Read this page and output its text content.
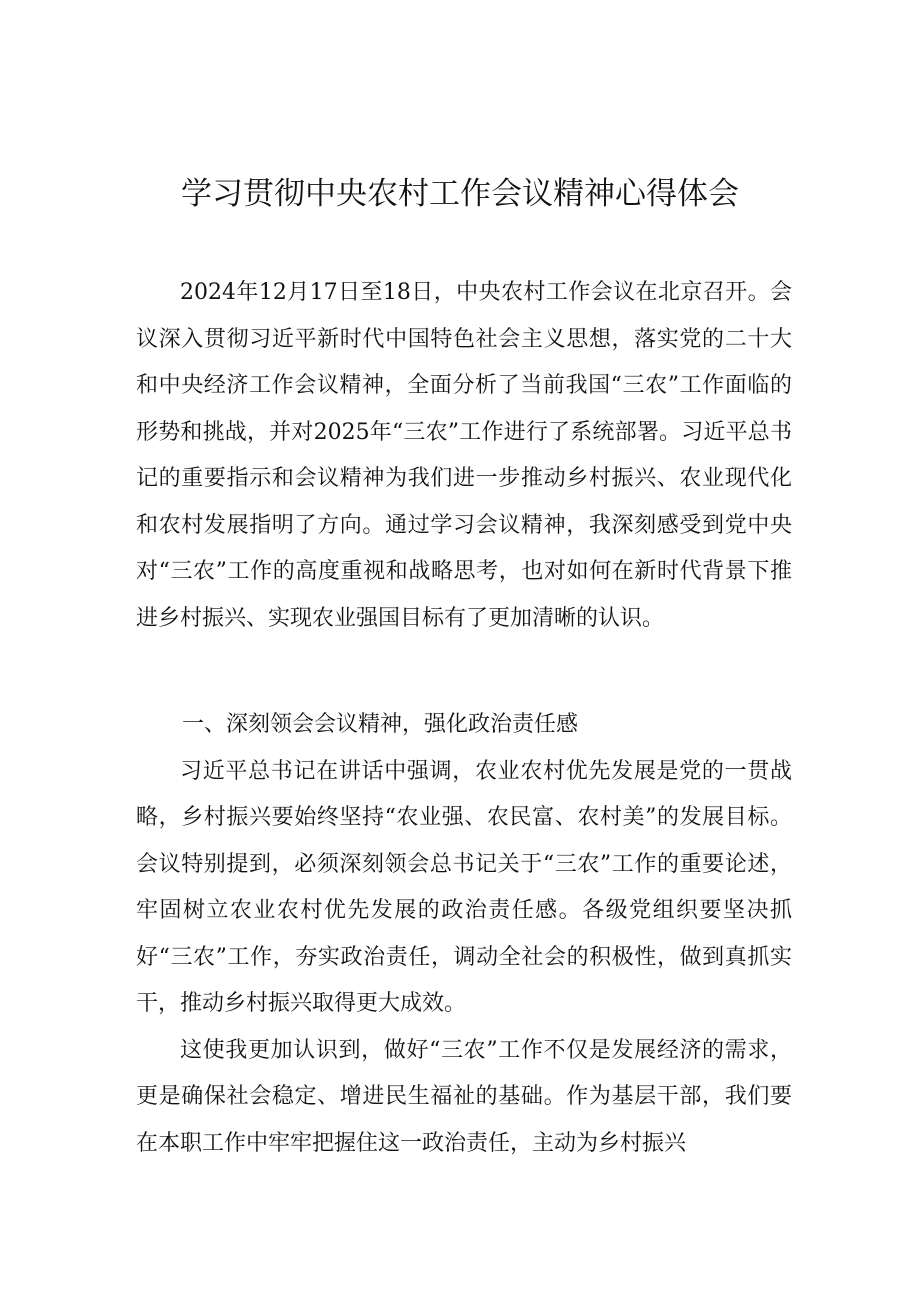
学习贯彻中央农村工作会议精神心得体会

2024年12月17日至18日，中央农村工作会议在北京召开。会议深入贯彻习近平新时代中国特色社会主义思想，落实党的二十大和中央经济工作会议精神，全面分析了当前我国“三农”工作面临的形势和挑战，并对2025年“三农”工作进行了系统部署。习近平总书记的重要指示和会议精神为我们进一步推动乡村振兴、农业现代化和农村发展指明了方向。通过学习会议精神，我深刻感受到党中央对“三农”工作的高度重视和战略思考，也对如何在新时代背景下推进乡村振兴、实现农业强国目标有了更加清晰的认识。

一、深刻领会会议精神，强化政治责任感

习近平总书记在讲话中强调，农业农村优先发展是党的一贯战略，乡村振兴要始终坚持“农业强、农民富、农村美”的发展目标。会议特别提到，必须深刻领会总书记关于“三农”工作的重要论述，牢固树立农业农村优先发展的政治责任感。各级党组织要坚决抓好“三农”工作，夯实政治责任，调动全社会的积极性，做到真抓实干，推动乡村振兴取得更大成效。

这使我更加认识到，做好“三农”工作不仅是发展经济的需求，更是确保社会稳定、增进民生福祉的基础。作为基层干部，我们要在本职工作中牢牢把握住这一政治责任，主动为乡村振兴
